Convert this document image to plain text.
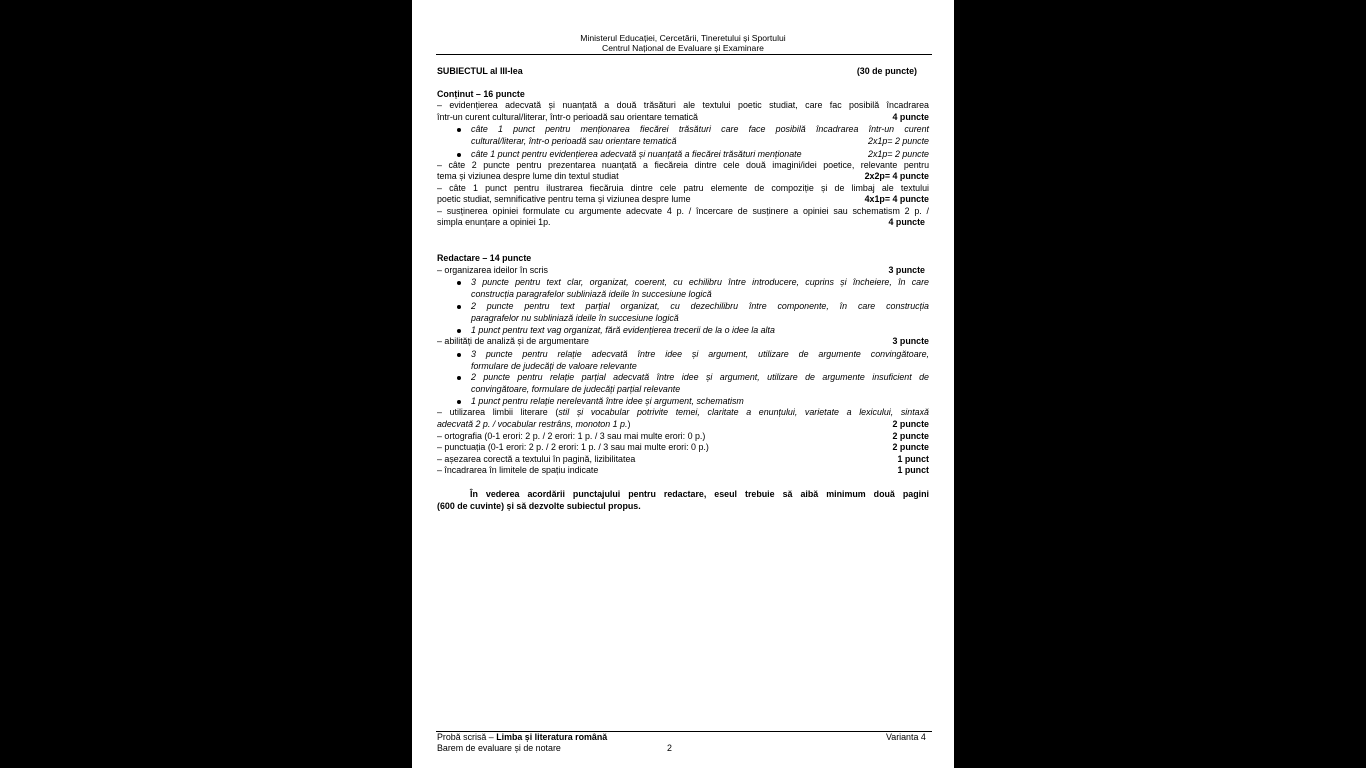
Ministerul Educației, Cercetării, Tineretului și Sportului
Centrul Național de Evaluare și Examinare
SUBIECTUL al III-lea	(30 de puncte)
Conținut – 16 puncte
– evidențierea adecvată și nuanțată a două trăsături ale textului poetic studiat, care fac posibilă încadrarea
într-un curent cultural/literar, într-o perioadă sau orientare tematică	4 puncte
câte 1 punct pentru menționarea fiecărei trăsături care face posibilă încadrarea într-un curent
cultural/literar, într-o perioadă sau orientare tematică	2x1p= 2 puncte
câte 1 punct pentru evidențierea adecvată și nuanțată a fiecărei trăsături menționate	2x1p= 2 puncte
– câte 2 puncte pentru prezentarea nuanțată a fiecăreia dintre cele două imagini/idei poetice, relevante pentru
tema și viziunea despre lume din textul studiat	2x2p= 4 puncte
– câte 1 punct pentru ilustrarea fiecăruia dintre cele patru elemente de compoziție și de limbaj ale textului
poetic studiat, semnificative pentru tema și viziunea despre lume	4x1p= 4 puncte
– susținerea opiniei formulate cu argumente adecvate 4 p. / încercare de susținere a opiniei sau schematism 2 p. /
simpla enunțare a opiniei 1p.	4 puncte
Redactare – 14 puncte
– organizarea ideilor în scris	3 puncte
3 puncte pentru text clar, organizat, coerent, cu echilibru între introducere, cuprins și încheiere, în care
construcția paragrafelor subliniază ideile în succesiune logică
2 puncte pentru text parțial organizat, cu dezechilibru între componente, în care construcția
paragrafelor nu subliniază ideile în succesiune logică
1 punct pentru text vag organizat, fără evidențierea trecerii de la o idee la alta
– abilități de analiză și de argumentare	3 puncte
3 puncte pentru relație adecvată între idee și argument, utilizare de argumente convingătoare,
formulare de judecăți de valoare relevante
2 puncte pentru relație parțial adecvată între idee și argument, utilizare de argumente insuficient de
convingătoare, formulare de judecăți parțial relevante
1 punct pentru relație nerelevantă între idee și argument, schematism
– utilizarea limbii literare (stil și vocabular potrivite temei, claritate a enunțului, varietate a lexicului, sintaxă
adecvată 2 p. / vocabular restrâns, monoton 1 p.)	2 puncte
– ortografia (0-1 erori: 2 p. / 2 erori: 1 p. / 3 sau mai multe erori: 0 p.)	2 puncte
– punctuația (0-1 erori: 2 p. / 2 erori: 1 p. / 3 sau mai multe erori: 0 p.)	2 puncte
– așezarea corectă a textului în pagină, lizibilitatea	1 punct
– încadrarea în limitele de spațiu indicate	1 punct
În vederea acordării punctajului pentru redactare, eseul trebuie să aibă minimum două pagini
(600 de cuvinte) și să dezvolte subiectul propus.
Probă scrisă – Limba și literatura română	Varianta 4
Barem de evaluare și de notare	2
